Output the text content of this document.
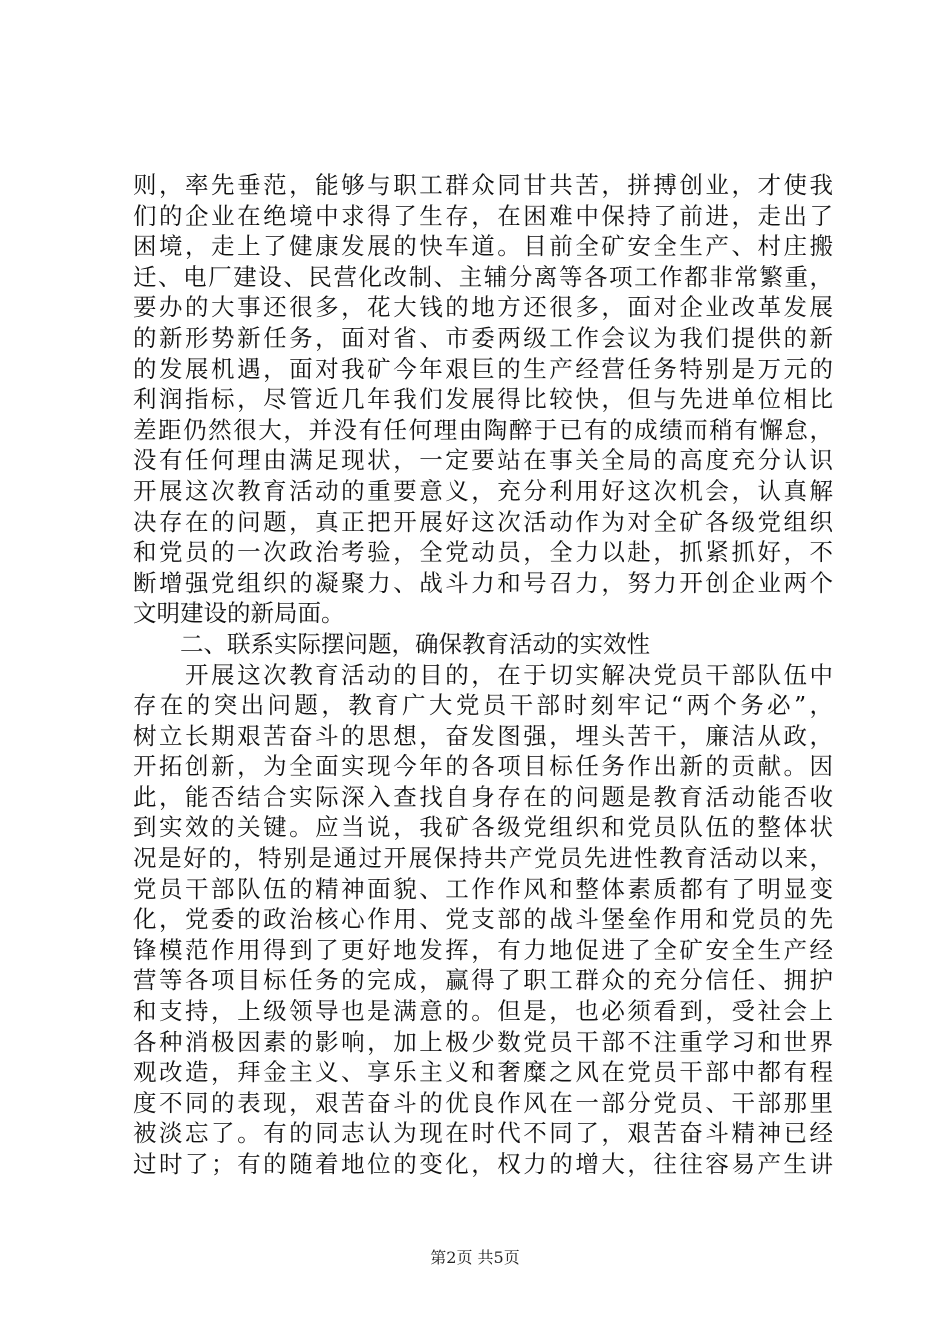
则，率先垂范，能够与职工群众同甘共苦，拼搏创业，才使我
们的企业在绝境中求得了生存，在困难中保持了前进，走出了
困境，走上了健康发展的快车道。目前全矿安全生产、村庄搬
迁、电厂建设、民营化改制、主辅分离等各项工作都非常繁重，
要办的大事还很多，花大钱的地方还很多，面对企业改革发展
的新形势新任务，面对省、市委两级工作会议为我们提供的新
的发展机遇，面对我矿今年艰巨的生产经营任务特别是万元的
利润指标，尽管近几年我们发展得比较快，但与先进单位相比
差距仍然很大，并没有任何理由陶醉于已有的成绩而稍有懈怠，
没有任何理由满足现状，一定要站在事关全局的高度充分认识
开展这次教育活动的重要意义，充分利用好这次机会，认真解
决存在的问题，真正把开展好这次活动作为对全矿各级党组织
和党员的一次政治考验，全党动员，全力以赴，抓紧抓好，不
断增强党组织的凝聚力、战斗力和号召力，努力开创企业两个
文明建设的新局面。
　　二、联系实际摆问题，确保教育活动的实效性
　　开展这次教育活动的目的，在于切实解决党员干部队伍中
存在的突出问题，教育广大党员干部时刻牢记“两个务必”，
树立长期艰苦奋斗的思想，奋发图强，埋头苦干，廉洁从政，
开拓创新，为全面实现今年的各项目标任务作出新的贡献。因
此，能否结合实际深入查找自身存在的问题是教育活动能否收
到实效的关键。应当说，我矿各级党组织和党员队伍的整体状
况是好的，特别是通过开展保持共产党员先进性教育活动以来，
党员干部队伍的精神面貌、工作作风和整体素质都有了明显变
化，党委的政治核心作用、党支部的战斗堡垒作用和党员的先
锋模范作用得到了更好地发挥，有力地促进了全矿安全生产经
营等各项目标任务的完成，赢得了职工群众的充分信任、拥护
和支持，上级领导也是满意的。但是，也必须看到，受社会上
各种消极因素的影响，加上极少数党员干部不注重学习和世界
观改造，拜金主义、享乐主义和奢糜之风在党员干部中都有程
度不同的表现，艰苦奋斗的优良作风在一部分党员、干部那里
被淡忘了。有的同志认为现在时代不同了，艰苦奋斗精神已经
过时了；有的随着地位的变化，权力的增大，往往容易产生讲
第2页 共5页
